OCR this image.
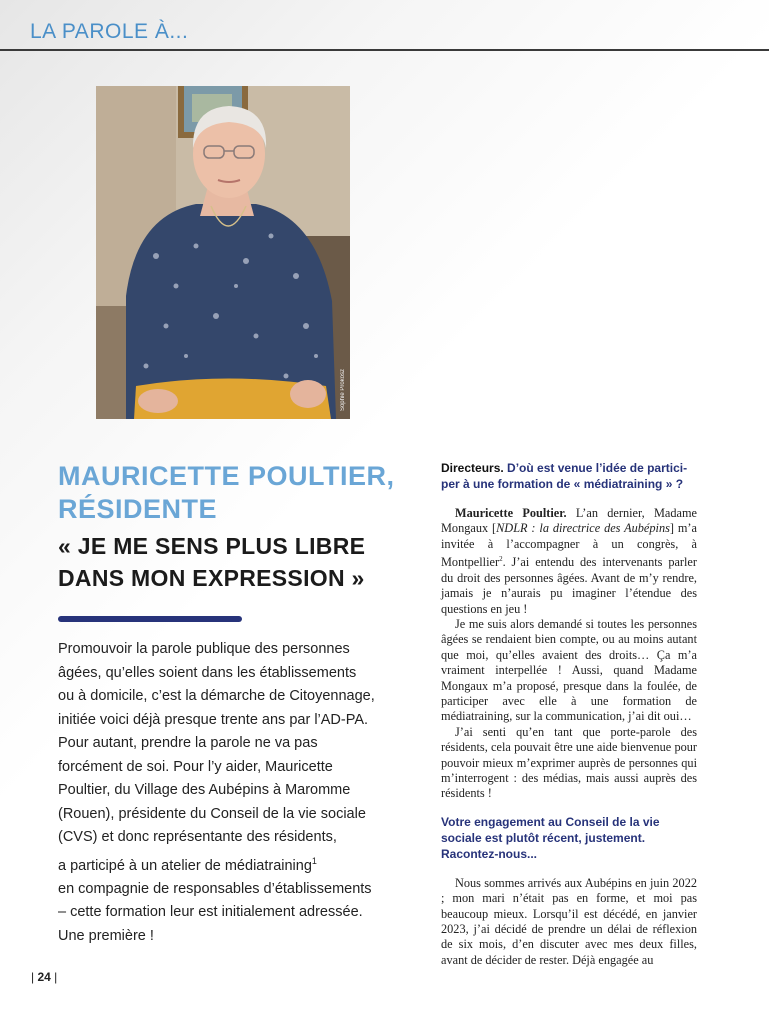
LA PAROLE À...
Sophie Prokosz
MAURICETTE POULTIER,
RÉSIDENTE
« JE ME SENS PLUS LIBRE
DANS MON EXPRESSION »

Promouvoir la parole publique des personnes
âgées, qu’elles soient dans les établissements
ou à domicile, c’est la démarche de Citoyennage,
initiée voici déjà presque trente ans par l’AD-PA.
Pour autant, prendre la parole ne va pas
forcément de soi. Pour l’y aider, Mauricette
Poultier, du Village des Aubépins à Maromme
(Rouen), présidente du Conseil de la vie sociale
(CVS) et donc représentante des résidents,
a participé à un atelier de médiatraining$^1$
en compagnie de responsables d’établissements
– cette formation leur est initialement adressée.
Une première !

Directeurs. D’où est venue l’idée de partici-
per à une formation de « médiatraining » ?

Mauricette Poultier. L’an dernier, Madame Mongaux [NDLR : la directrice des Aubépins] m’a invitée à l’accompagner à un congrès, à Montpellier$^2$. J’ai entendu des intervenants parler du droit des personnes âgées. Avant de m’y rendre, jamais je n’aurais pu imaginer l’étendue des questions en jeu !

Je me suis alors demandé si toutes les personnes âgées se rendaient bien compte, ou au moins autant que moi, qu’elles avaient des droits… Ça m’a vraiment interpellée ! Aussi, quand Madame Mongaux m’a proposé, presque dans la foulée, de participer avec elle à une formation de médiatraining, sur la communication, j’ai dit oui…

J’ai senti qu’en tant que porte-parole des résidents, cela pouvait être une aide bienvenue pour pouvoir mieux m’exprimer auprès de personnes qui m’interrogent : des médias, mais aussi auprès des résidents !

Votre engagement au Conseil de la vie sociale est plutôt récent, justement. Racontez-nous...

Nous sommes arrivés aux Aubépins en juin 2022 ; mon mari n’était pas en forme, et moi pas beaucoup mieux. Lorsqu’il est décédé, en janvier 2023, j’ai décidé de prendre un délai de réflexion de six mois, d’en discuter avec mes deux filles, avant de décider de rester. Déjà engagée au

| 24 |
